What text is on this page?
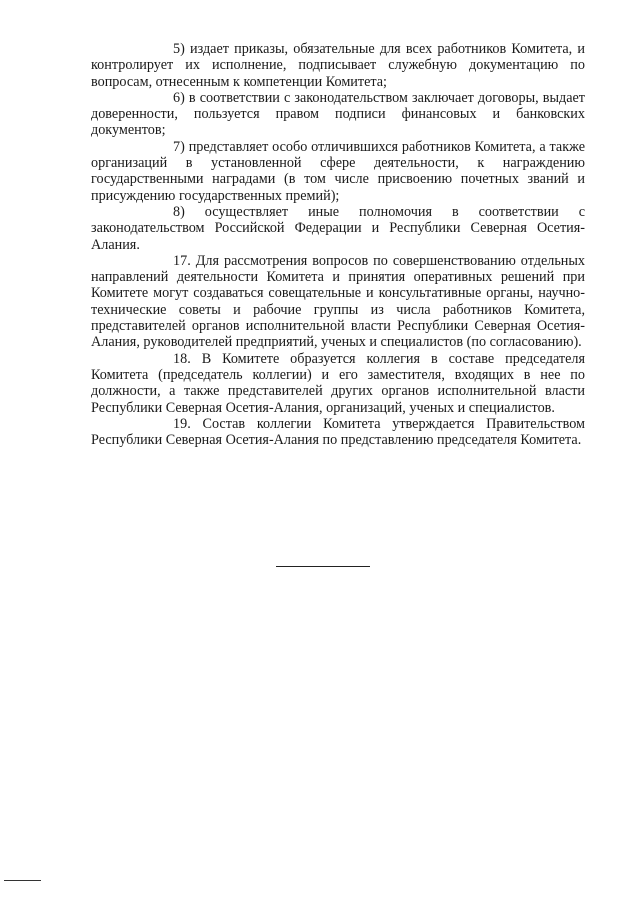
5) издает приказы, обязательные для всех работников Комитета, и контролирует их исполнение, подписывает служебную документацию по вопросам, отнесенным к компетенции Комитета;

6) в соответствии с законодательством заключает договоры, выдает доверенности, пользуется правом подписи финансовых и банковских документов;

7) представляет особо отличившихся работников Комитета, а также организаций в установленной сфере деятельности, к награждению государственными наградами (в том числе присвоению почетных званий и присуждению государственных премий);

8) осуществляет иные полномочия в соответствии с законодательством Российской Федерации и Республики Северная Осетия-Алания.

17. Для рассмотрения вопросов по совершенствованию отдельных направлений деятельности Комитета и принятия оперативных решений при Комитете могут создаваться совещательные и консультативные органы, научно-технические советы и рабочие группы из числа работников Комитета, представителей органов исполнительной власти Республики Северная Осетия-Алания, руководителей предприятий, ученых и специалистов (по согласованию).

18. В Комитете образуется коллегия в составе председателя Комитета (председатель коллегии) и его заместителя, входящих в нее по должности, а также представителей других органов исполнительной власти Республики Северная Осетия-Алания, организаций, ученых и специалистов.

19. Состав коллегии Комитета утверждается Правительством Республики Северная Осетия-Алания по представлению председателя Комитета.
